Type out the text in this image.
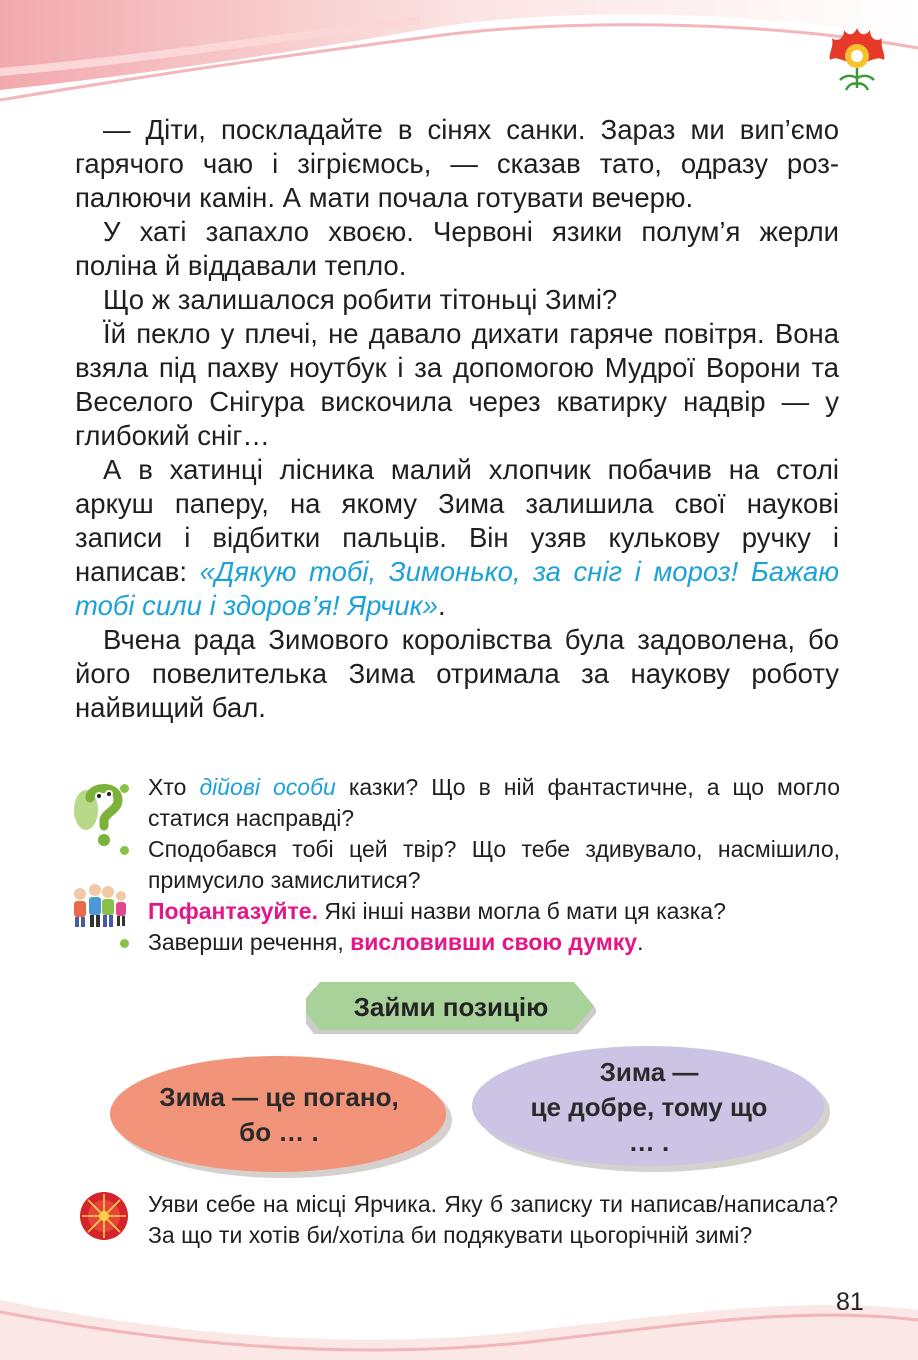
— Діти, поскладайте в сінях санки. Зараз ми вип’ємо гарячого чаю і зігріємось, — сказав тато, одразу розпалюючи камін. А мати почала готувати вечерю.

У хаті запахло хвоєю. Червоні язики полум’я жерли поліна й віддавали тепло.

Що ж залишалося робити тітоньці Зимі?

Їй пекло у плечі, не давало дихати гаряче повітря. Вона взяла під пахву ноутбук і за допомогою Мудрої Ворони та Веселого Снігура вискочила через кватирку надвір — у глибокий сніг…

А в хатинці лісника малий хлопчик побачив на столі аркуш паперу, на якому Зима залишила свої наукові записи і відбитки пальців. Він узяв кулькову ручку і написав: «Дякую тобі, Зимонько, за сніг і мороз! Бажаю тобі сили і здоров’я! Ярчик».

Вчена рада Зимового королівства була задоволена, бо його повелителька Зима отримала за наукову роботу найвищий бал.

Хто дійові особи казки? Що в ній фантастичне, а що могло статися насправді?
Сподобався тобі цей твір? Що тебе здивувало, насмішило, примусило замислитися?
Пофантазуйте. Які інші назви могла б мати ця казка?
Заверши речення, висловивши свою думку.
Займи позицію
Зима — це погано,
бо … .
Зима —
це добре, тому що
… .
Уяви себе на місці Ярчика. Яку б записку ти написав/написала? За що ти хотів би/хотіла би подякувати цьогорічній зимі?
81
